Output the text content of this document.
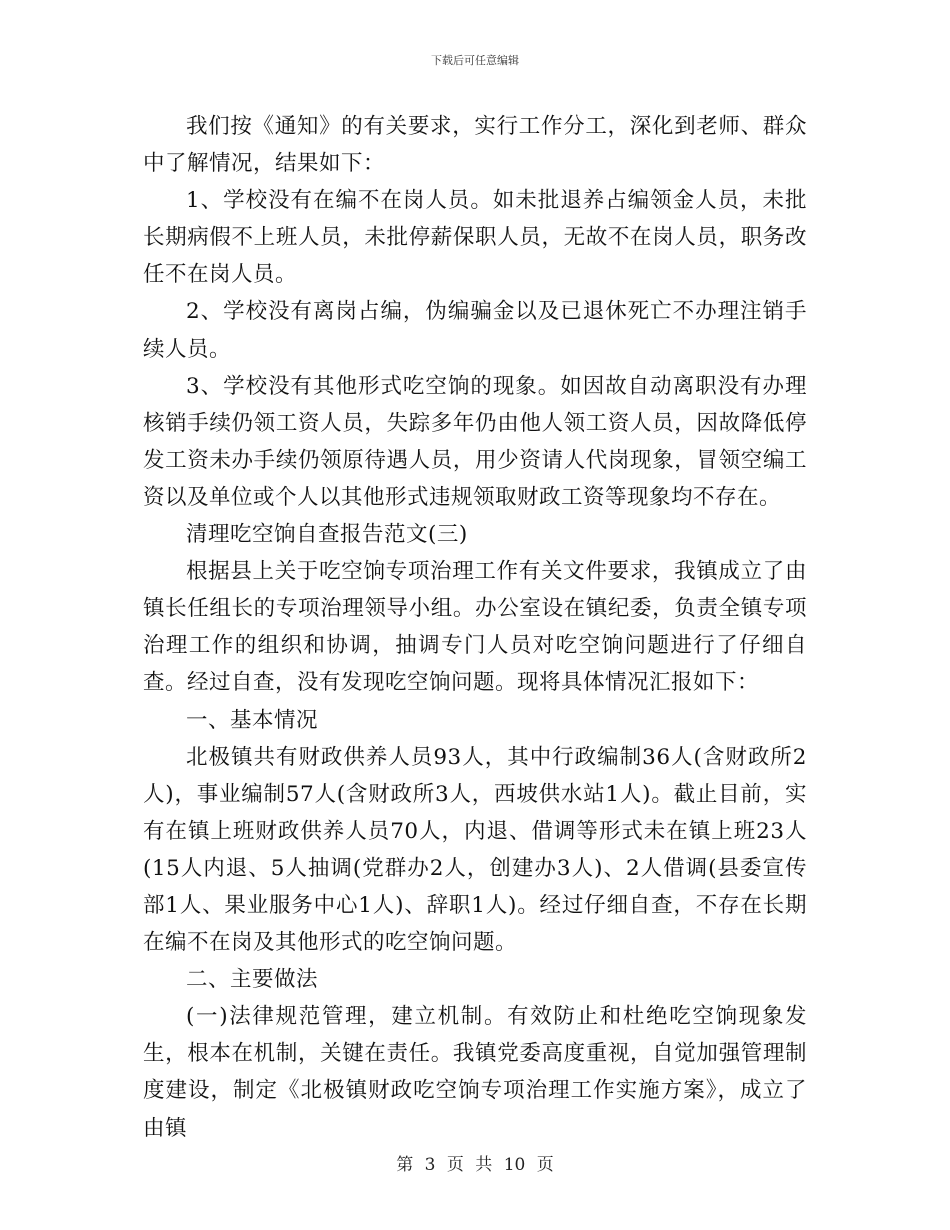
下载后可任意编辑

我们按《通知》的有关要求，实行工作分工，深化到老师、群众中了解情况，结果如下：

1、学校没有在编不在岗人员。如未批退养占编领金人员，未批长期病假不上班人员，未批停薪保职人员，无故不在岗人员，职务改任不在岗人员。

2、学校没有离岗占编，伪编骗金以及已退休死亡不办理注销手续人员。

3、学校没有其他形式吃空饷的现象。如因故自动离职没有办理核销手续仍领工资人员，失踪多年仍由他人领工资人员，因故降低停发工资未办手续仍领原待遇人员，用少资请人代岗现象，冒领空编工资以及单位或个人以其他形式违规领取财政工资等现象均不存在。

清理吃空饷自查报告范文(三)

根据县上关于吃空饷专项治理工作有关文件要求，我镇成立了由镇长任组长的专项治理领导小组。办公室设在镇纪委，负责全镇专项治理工作的组织和协调，抽调专门人员对吃空饷问题进行了仔细自查。经过自查，没有发现吃空饷问题。现将具体情况汇报如下：

一、基本情况

北极镇共有财政供养人员93人，其中行政编制36人(含财政所2人)，事业编制57人(含财政所3人，西坡供水站1人)。截止目前，实有在镇上班财政供养人员70人，内退、借调等形式未在镇上班23人(15人内退、5人抽调(党群办2人，创建办3人)、2人借调(县委宣传部1人、果业服务中心1人)、辞职1人)。经过仔细自查，不存在长期在编不在岗及其他形式的吃空饷问题。

二、主要做法

(一)法律规范管理，建立机制。有效防止和杜绝吃空饷现象发生，根本在机制，关键在责任。我镇党委高度重视，自觉加强管理制度建设，制定《北极镇财政吃空饷专项治理工作实施方案》，成立了由镇

第 3 页 共 10 页
